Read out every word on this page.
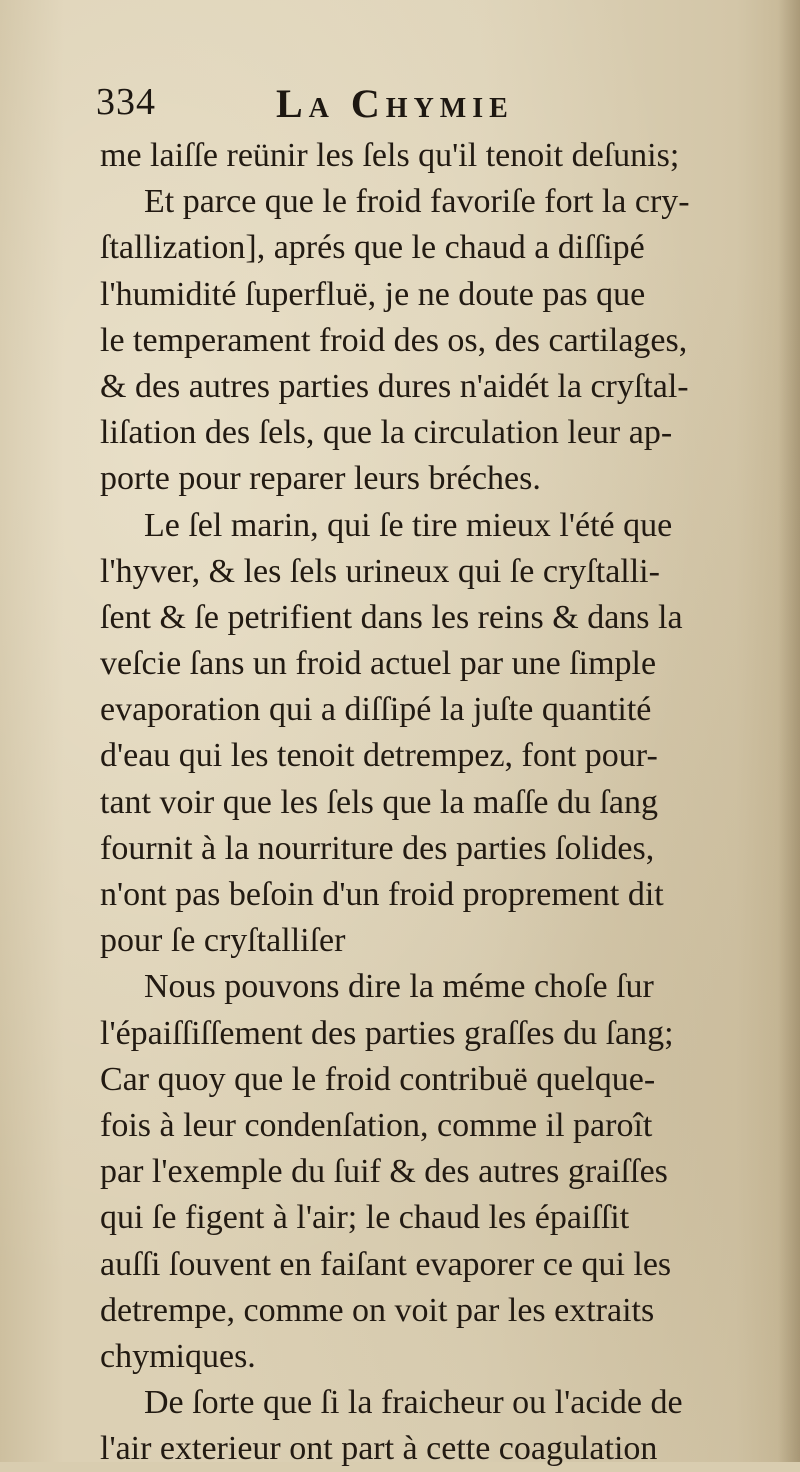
334	La Chymie
me laiſſe reünir les ſels qu'il tenoit deſunis;
Et parce que le froid favoriſe fort la cry-
ſtallization], aprés que le chaud a diſſipé
l'humidité ſuperfluë, je ne doute pas que
le temperament froid des os, des cartilages,
& des autres parties dures n'aidét la cryſtal-
liſation des ſels, que la circulation leur ap-
porte pour reparer leurs bréches.
Le ſel marin, qui ſe tire mieux l'été que
l'hyver, & les ſels urineux qui ſe cryſtalli-
ſent & ſe petrifient dans les reins & dans la
veſcie ſans un froid actuel par une ſimple
evaporation qui a diſſipé la juſte quantité
d'eau qui les tenoit detrempez, font pour-
tant voir que les ſels que la maſſe du ſang
fournit à la nourriture des parties ſolides,
n'ont pas beſoin d'un froid proprement dit
pour ſe cryſtalliſer
Nous pouvons dire la méme choſe ſur
l'épaiſſiſſement des parties graſſes du ſang;
Car quoy que le froid contribuë quelque-
fois à leur condenſation, comme il paroît
par l'exemple du ſuif & des autres graiſſes
qui ſe figent à l'air; le chaud les épaiſſit
auſſi ſouvent en faiſant evaporer ce qui les
detrempe, comme on voit par les extraits
chymiques.
De ſorte que ſi la fraicheur ou l'acide de
l'air exterieur ont part à cette coagulation
